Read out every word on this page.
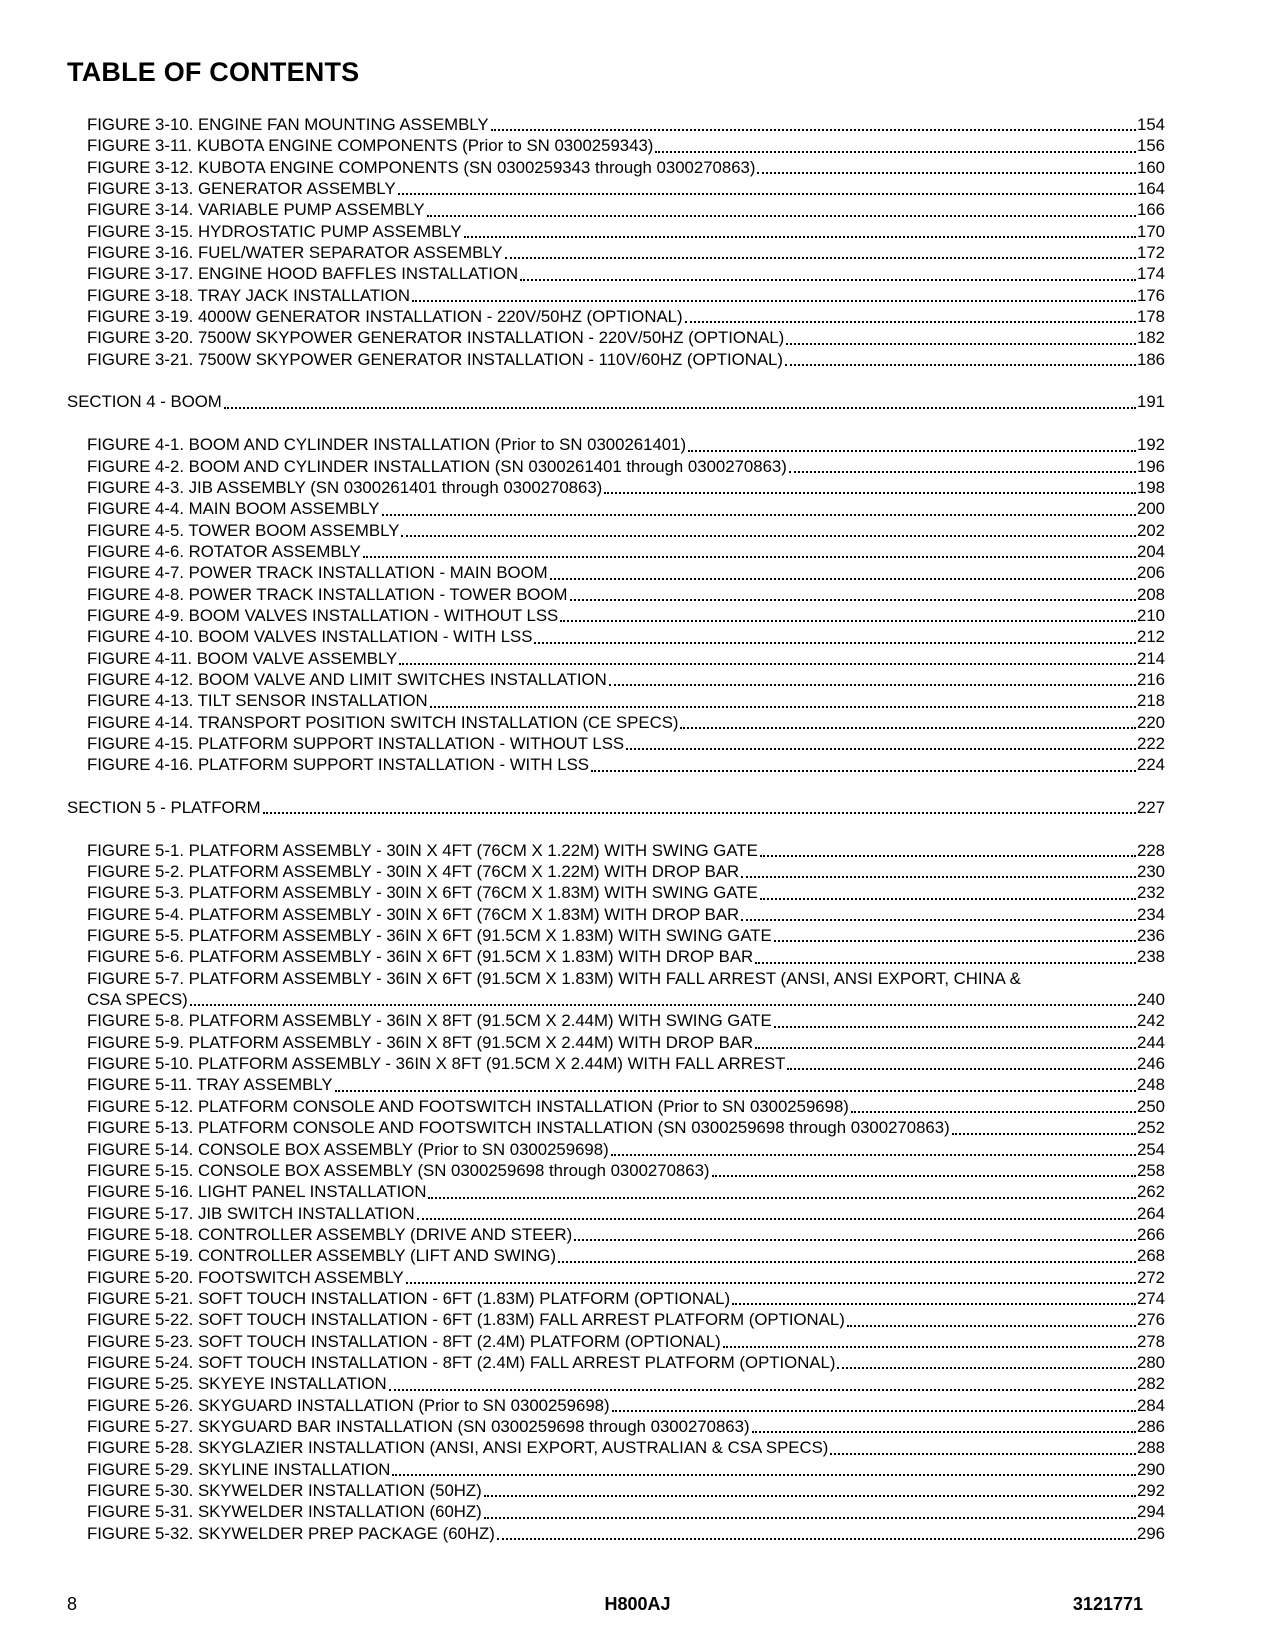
TABLE OF CONTENTS
FIGURE 3-10. ENGINE FAN MOUNTING ASSEMBLY	154
FIGURE 3-11. KUBOTA ENGINE COMPONENTS (Prior to SN 0300259343)	156
FIGURE 3-12. KUBOTA ENGINE COMPONENTS (SN 0300259343 through 0300270863)	160
FIGURE 3-13. GENERATOR ASSEMBLY	164
FIGURE 3-14. VARIABLE PUMP ASSEMBLY	166
FIGURE 3-15. HYDROSTATIC PUMP ASSEMBLY	170
FIGURE 3-16. FUEL/WATER SEPARATOR ASSEMBLY	172
FIGURE 3-17. ENGINE HOOD BAFFLES INSTALLATION	174
FIGURE 3-18. TRAY JACK INSTALLATION	176
FIGURE 3-19. 4000W GENERATOR INSTALLATION - 220V/50HZ (OPTIONAL)	178
FIGURE 3-20. 7500W SKYPOWER GENERATOR INSTALLATION - 220V/50HZ (OPTIONAL)	182
FIGURE 3-21. 7500W SKYPOWER GENERATOR INSTALLATION - 110V/60HZ (OPTIONAL)	186
SECTION 4 - BOOM	191
FIGURE 4-1. BOOM AND CYLINDER INSTALLATION (Prior to SN 0300261401)	192
FIGURE 4-2. BOOM AND CYLINDER INSTALLATION (SN 0300261401 through 0300270863)	196
FIGURE 4-3. JIB ASSEMBLY (SN 0300261401 through 0300270863)	198
FIGURE 4-4. MAIN BOOM ASSEMBLY	200
FIGURE 4-5. TOWER BOOM ASSEMBLY	202
FIGURE 4-6. ROTATOR ASSEMBLY	204
FIGURE 4-7. POWER TRACK INSTALLATION - MAIN BOOM	206
FIGURE 4-8. POWER TRACK INSTALLATION - TOWER BOOM	208
FIGURE 4-9. BOOM VALVES INSTALLATION - WITHOUT LSS	210
FIGURE 4-10. BOOM VALVES INSTALLATION - WITH LSS	212
FIGURE 4-11. BOOM VALVE ASSEMBLY	214
FIGURE 4-12. BOOM VALVE AND LIMIT SWITCHES INSTALLATION	216
FIGURE 4-13. TILT SENSOR INSTALLATION	218
FIGURE 4-14. TRANSPORT POSITION SWITCH INSTALLATION (CE SPECS)	220
FIGURE 4-15. PLATFORM SUPPORT INSTALLATION - WITHOUT LSS	222
FIGURE 4-16. PLATFORM SUPPORT INSTALLATION - WITH LSS	224
SECTION 5 - PLATFORM	227
FIGURE 5-1. PLATFORM ASSEMBLY - 30IN X 4FT (76CM X 1.22M) WITH SWING GATE	228
FIGURE 5-2. PLATFORM ASSEMBLY - 30IN X 4FT (76CM X 1.22M) WITH DROP BAR	230
FIGURE 5-3. PLATFORM ASSEMBLY - 30IN X 6FT (76CM X 1.83M) WITH SWING GATE	232
FIGURE 5-4. PLATFORM ASSEMBLY - 30IN X 6FT (76CM X 1.83M) WITH DROP BAR	234
FIGURE 5-5. PLATFORM ASSEMBLY - 36IN X 6FT (91.5CM X 1.83M) WITH SWING GATE	236
FIGURE 5-6. PLATFORM ASSEMBLY - 36IN X 6FT (91.5CM X 1.83M) WITH DROP BAR	238
FIGURE 5-7. PLATFORM ASSEMBLY - 36IN X 6FT (91.5CM X 1.83M) WITH FALL ARREST (ANSI, ANSI EXPORT, CHINA &
CSA SPECS)	240
FIGURE 5-8. PLATFORM ASSEMBLY - 36IN X 8FT (91.5CM X 2.44M) WITH SWING GATE	242
FIGURE 5-9. PLATFORM ASSEMBLY - 36IN X 8FT (91.5CM X 2.44M) WITH DROP BAR	244
FIGURE 5-10. PLATFORM ASSEMBLY - 36IN X 8FT (91.5CM X 2.44M) WITH FALL ARREST	246
FIGURE 5-11. TRAY ASSEMBLY	248
FIGURE 5-12. PLATFORM CONSOLE AND FOOTSWITCH INSTALLATION (Prior to SN 0300259698)	250
FIGURE 5-13. PLATFORM CONSOLE AND FOOTSWITCH INSTALLATION (SN 0300259698 through 0300270863)	252
FIGURE 5-14. CONSOLE BOX ASSEMBLY (Prior to SN 0300259698)	254
FIGURE 5-15. CONSOLE BOX ASSEMBLY (SN 0300259698 through 0300270863)	258
FIGURE 5-16. LIGHT PANEL INSTALLATION	262
FIGURE 5-17. JIB SWITCH INSTALLATION	264
FIGURE 5-18. CONTROLLER ASSEMBLY (DRIVE AND STEER)	266
FIGURE 5-19. CONTROLLER ASSEMBLY (LIFT AND SWING)	268
FIGURE 5-20. FOOTSWITCH ASSEMBLY	272
FIGURE 5-21. SOFT TOUCH INSTALLATION - 6FT (1.83M) PLATFORM (OPTIONAL)	274
FIGURE 5-22. SOFT TOUCH INSTALLATION - 6FT (1.83M) FALL ARREST PLATFORM (OPTIONAL)	276
FIGURE 5-23. SOFT TOUCH INSTALLATION - 8FT (2.4M) PLATFORM (OPTIONAL)	278
FIGURE 5-24. SOFT TOUCH INSTALLATION - 8FT (2.4M) FALL ARREST PLATFORM (OPTIONAL)	280
FIGURE 5-25. SKYEYE INSTALLATION	282
FIGURE 5-26. SKYGUARD INSTALLATION (Prior to SN 0300259698)	284
FIGURE 5-27. SKYGUARD BAR INSTALLATION (SN 0300259698 through 0300270863)	286
FIGURE 5-28. SKYGLAZIER INSTALLATION (ANSI, ANSI EXPORT, AUSTRALIAN & CSA SPECS)	288
FIGURE 5-29. SKYLINE INSTALLATION	290
FIGURE 5-30. SKYWELDER INSTALLATION (50HZ)	292
FIGURE 5-31. SKYWELDER INSTALLATION (60HZ)	294
FIGURE 5-32. SKYWELDER PREP PACKAGE (60HZ)	296
8	H800AJ	3121771
